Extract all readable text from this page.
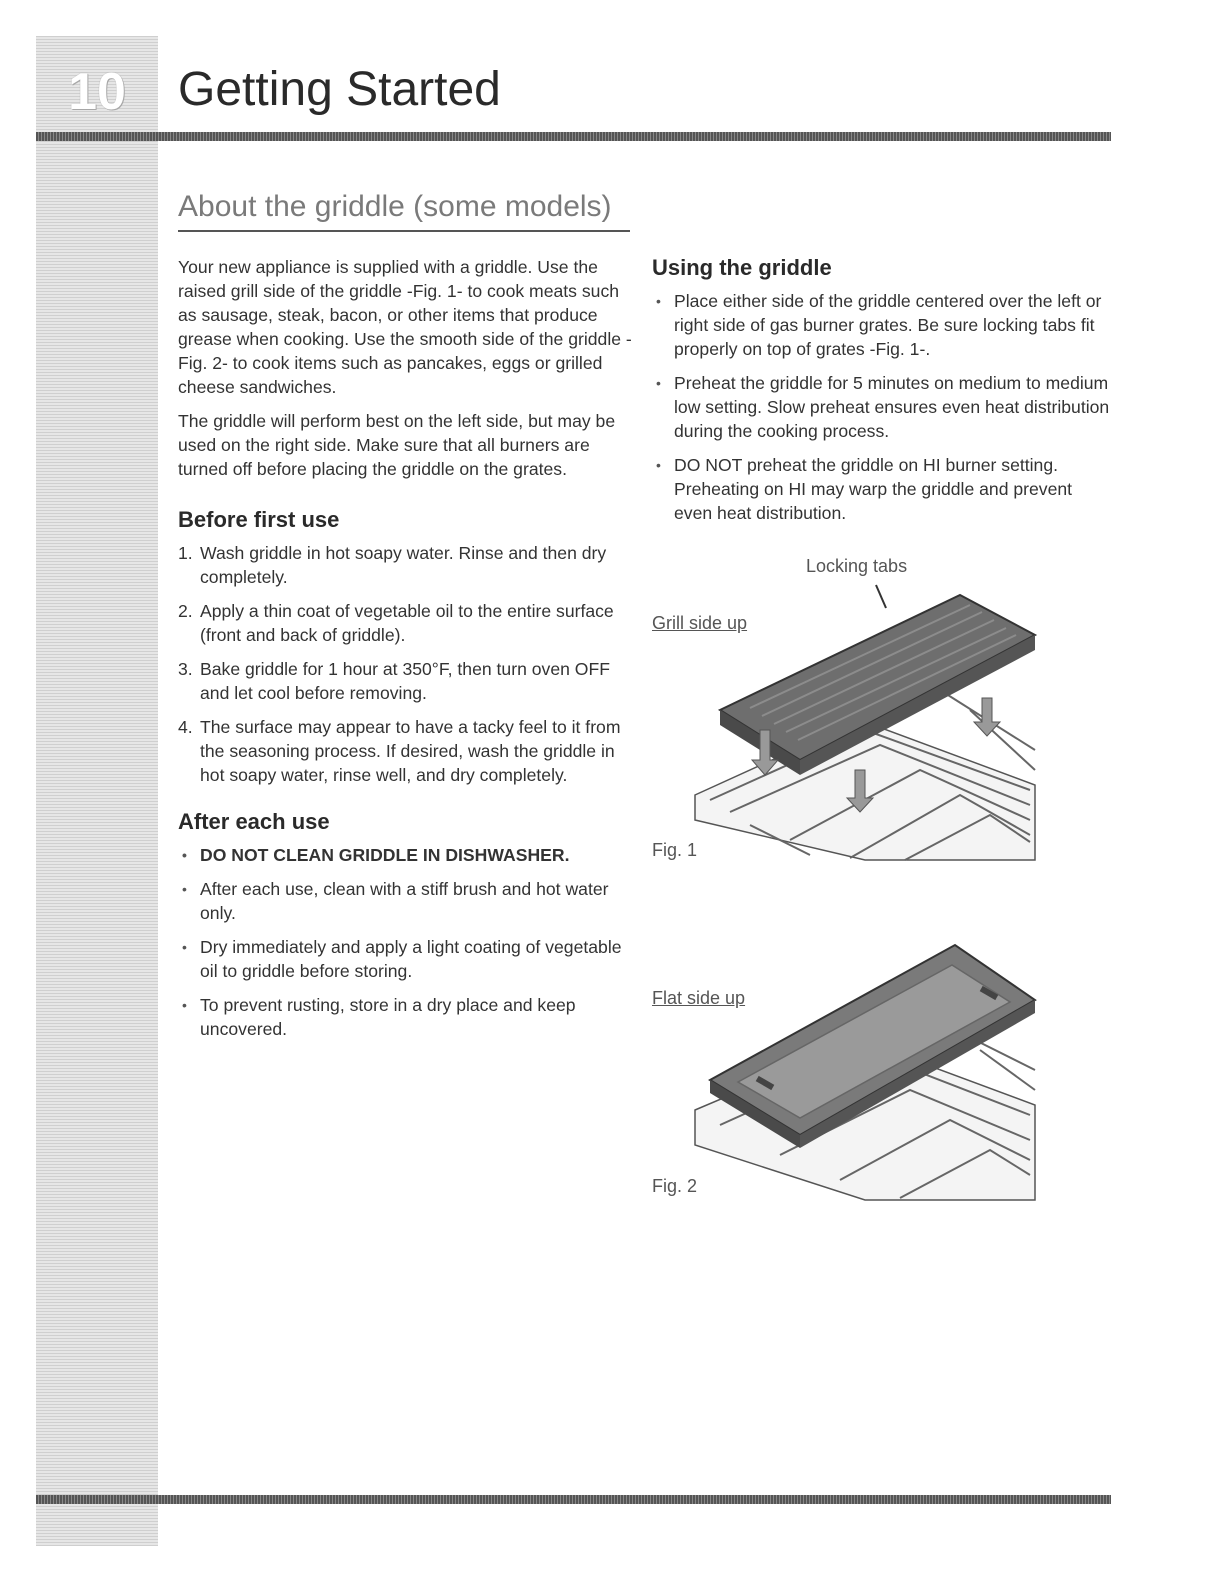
10	Getting Started
About the griddle (some models)

Your new appliance is supplied with a griddle. Use the raised grill side of the griddle -Fig. 1- to cook meats such as sausage, steak, bacon, or other items that produce grease when cooking. Use the smooth side of the griddle -Fig. 2- to cook items such as pancakes, eggs or grilled cheese sandwiches.

The griddle will perform best on the left side, but may be used on the right side. Make sure that all burners are turned off before placing the griddle on the grates.

Before first use
1. Wash griddle in hot soapy water. Rinse and then dry completely.
2. Apply a thin coat of vegetable oil to the entire surface (front and back of griddle).
3. Bake griddle for 1 hour at 350°F, then turn oven OFF and let cool before removing.
4. The surface may appear to have a tacky feel to it from the seasoning process. If desired, wash the griddle in hot soapy water, rinse well, and dry completely.
After each use
• DO NOT CLEAN GRIDDLE IN DISHWASHER.
• After each use, clean with a stiff brush and hot water only.
• Dry immediately and apply a light coating of vegetable oil to griddle before storing.
• To prevent rusting, store in a dry place and keep uncovered.
Using the griddle
• Place either side of the griddle centered over the left or right side of gas burner grates. Be sure locking tabs fit properly on top of grates -Fig. 1-.
• Preheat the griddle for 5 minutes on medium to medium low setting. Slow preheat ensures even heat distribution during the cooking process.
• DO NOT preheat the griddle on HI burner setting. Preheating on HI may warp the griddle and prevent even heat distribution.
Locking tabs
Grill side up
Fig. 1
Flat side up
Fig. 2
